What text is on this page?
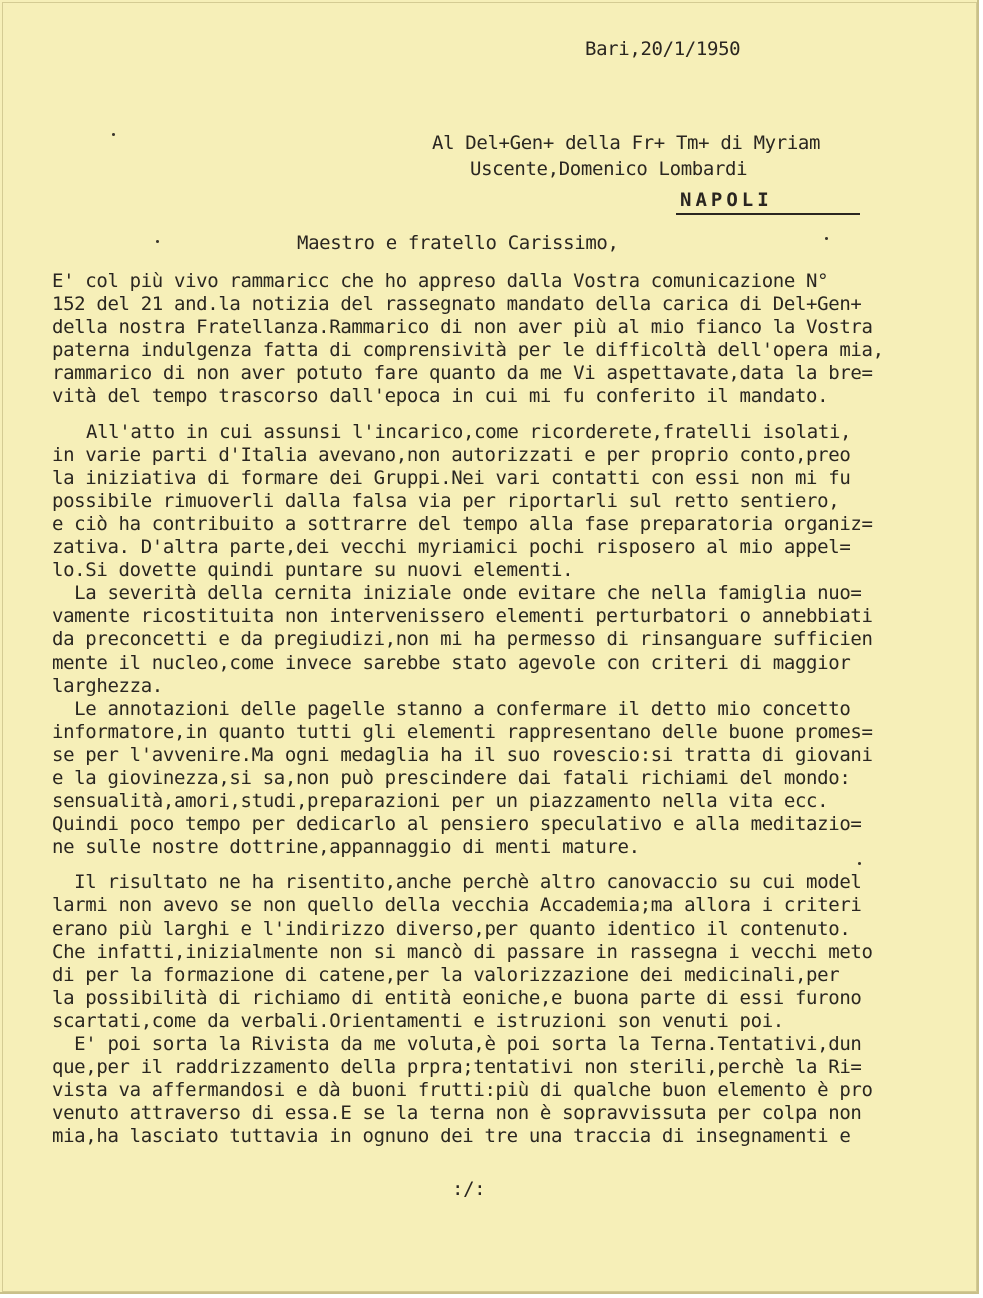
Bari,20/1/1950
Al Del+Gen+ della Fr+ Tm+ di Myriam
Uscente,Domenico Lombardi
NAPOLI
Maestro e fratello Carissimo,
E' col più vivo rammaricc che ho appreso dalla Vostra comunicazione N°
152 del 21 and.la notizia del rassegnato mandato della carica di Del+Gen+
della nostra Fratellanza.Rammarico di non aver più al mio fianco la Vostra
paterna indulgenza fatta di comprensività per le difficoltà dell'opera mia,
rammarico di non aver potuto fare quanto da me Vi aspettavate,data la bre=
vità del tempo trascorso dall'epoca in cui mi fu conferito il mandato.
All'atto in cui assunsi l'incarico,come ricorderete,fratelli isolati,
in varie parti d'Italia avevano,non autorizzati e per proprio conto,preo
la iniziativa di formare dei Gruppi.Nei vari contatti con essi non mi fu
possibile rimuoverli dalla falsa via per riportarli sul retto sentiero,
e ciò ha contribuito a sottrarre del tempo alla fase preparatoria organiz=
zativa. D'altra parte,dei vecchi myriamici pochi risposero al mio appel=
lo.Si dovette quindi puntare su nuovi elementi.
La severità della cernita iniziale onde evitare che nella famiglia nuo=
vamente ricostituita non intervenissero elementi perturbatori o annebbiati
da preconcetti e da pregiudizi,non mi ha permesso di rinsanguare sufficien
mente il nucleo,come invece sarebbe stato agevole con criteri di maggior
larghezza.
Le annotazioni delle pagelle stanno a confermare il detto mio concetto
informatore,in quanto tutti gli elementi rappresentano delle buone promes=
se per l'avvenire.Ma ogni medaglia ha il suo rovescio:si tratta di giovani
e la giovinezza,si sa,non può prescindere dai fatali richiami del mondo:
sensualità,amori,studi,preparazioni per un piazzamento nella vita ecc.
Quindi poco tempo per dedicarlo al pensiero speculativo e alla meditazio=
ne sulle nostre dottrine,appannaggio di menti mature.
Il risultato ne ha risentito,anche perchè altro canovaccio su cui model
larmi non avevo se non quello della vecchia Accademia;ma allora i criteri
erano più larghi e l'indirizzo diverso,per quanto identico il contenuto.
Che infatti,inizialmente non si mancò di passare in rassegna i vecchi meto
di per la formazione di catene,per la valorizzazione dei medicinali,per
la possibilità di richiamo di entità eoniche,e buona parte di essi furono
scartati,come da verbali.Orientamenti e istruzioni son venuti poi.
E' poi sorta la Rivista da me voluta,è poi sorta la Terna.Tentativi,dun
que,per il raddrizzamento della prpra;tentativi non sterili,perchè la Ri=
vista va affermandosi e dà buoni frutti:più di qualche buon elemento è pro
venuto attraverso di essa.E se la terna non è sopravvissuta per colpa non
mia,ha lasciato tuttavia in ognuno dei tre una traccia di insegnamenti e
:/:
